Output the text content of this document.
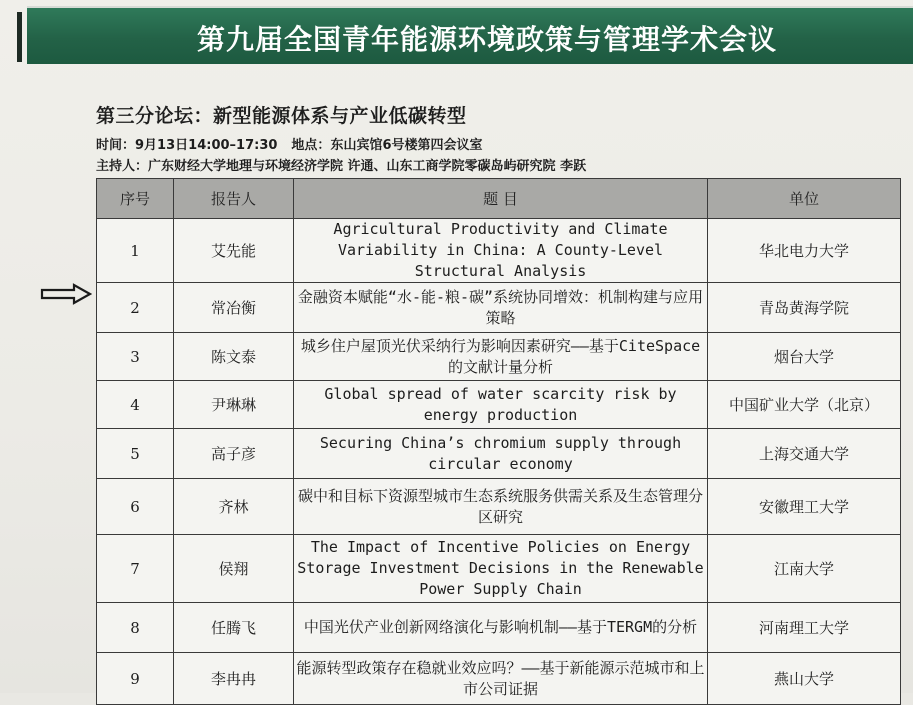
第九届全国青年能源环境政策与管理学术会议
第三分论坛：新型能源体系与产业低碳转型
时间：9月13日14:00–17:30 地点：东山宾馆6号楼第四会议室
主持人：广东财经大学地理与环境经济学院 许通、山东工商学院零碳岛屿研究院 李跃
序号	报告人	题 目	单位
1	艾先能	Agricultural Productivity and Climate Variability in China: A County-Level Structural Analysis	华北电力大学
2	常冶衡	金融资本赋能“水-能-粮-碳”系统协同增效：机制构建与应用策略	青岛黄海学院
3	陈文泰	城乡住户屋顶光伏采纳行为影响因素研究——基于CiteSpace的文献计量分析	烟台大学
4	尹琳琳	Global spread of water scarcity risk by energy production	中国矿业大学（北京）
5	高子彦	Securing China’s chromium supply through circular economy	上海交通大学
6	齐林	碳中和目标下资源型城市生态系统服务供需关系及生态管理分区研究	安徽理工大学
7	侯翔	The Impact of Incentive Policies on Energy Storage Investment Decisions in the Renewable Power Supply Chain	江南大学
8	任腾飞	中国光伏产业创新网络演化与影响机制——基于TERGM的分析	河南理工大学
9	李冉冉	能源转型政策存在稳就业效应吗？——基于新能源示范城市和上市公司证据	燕山大学
